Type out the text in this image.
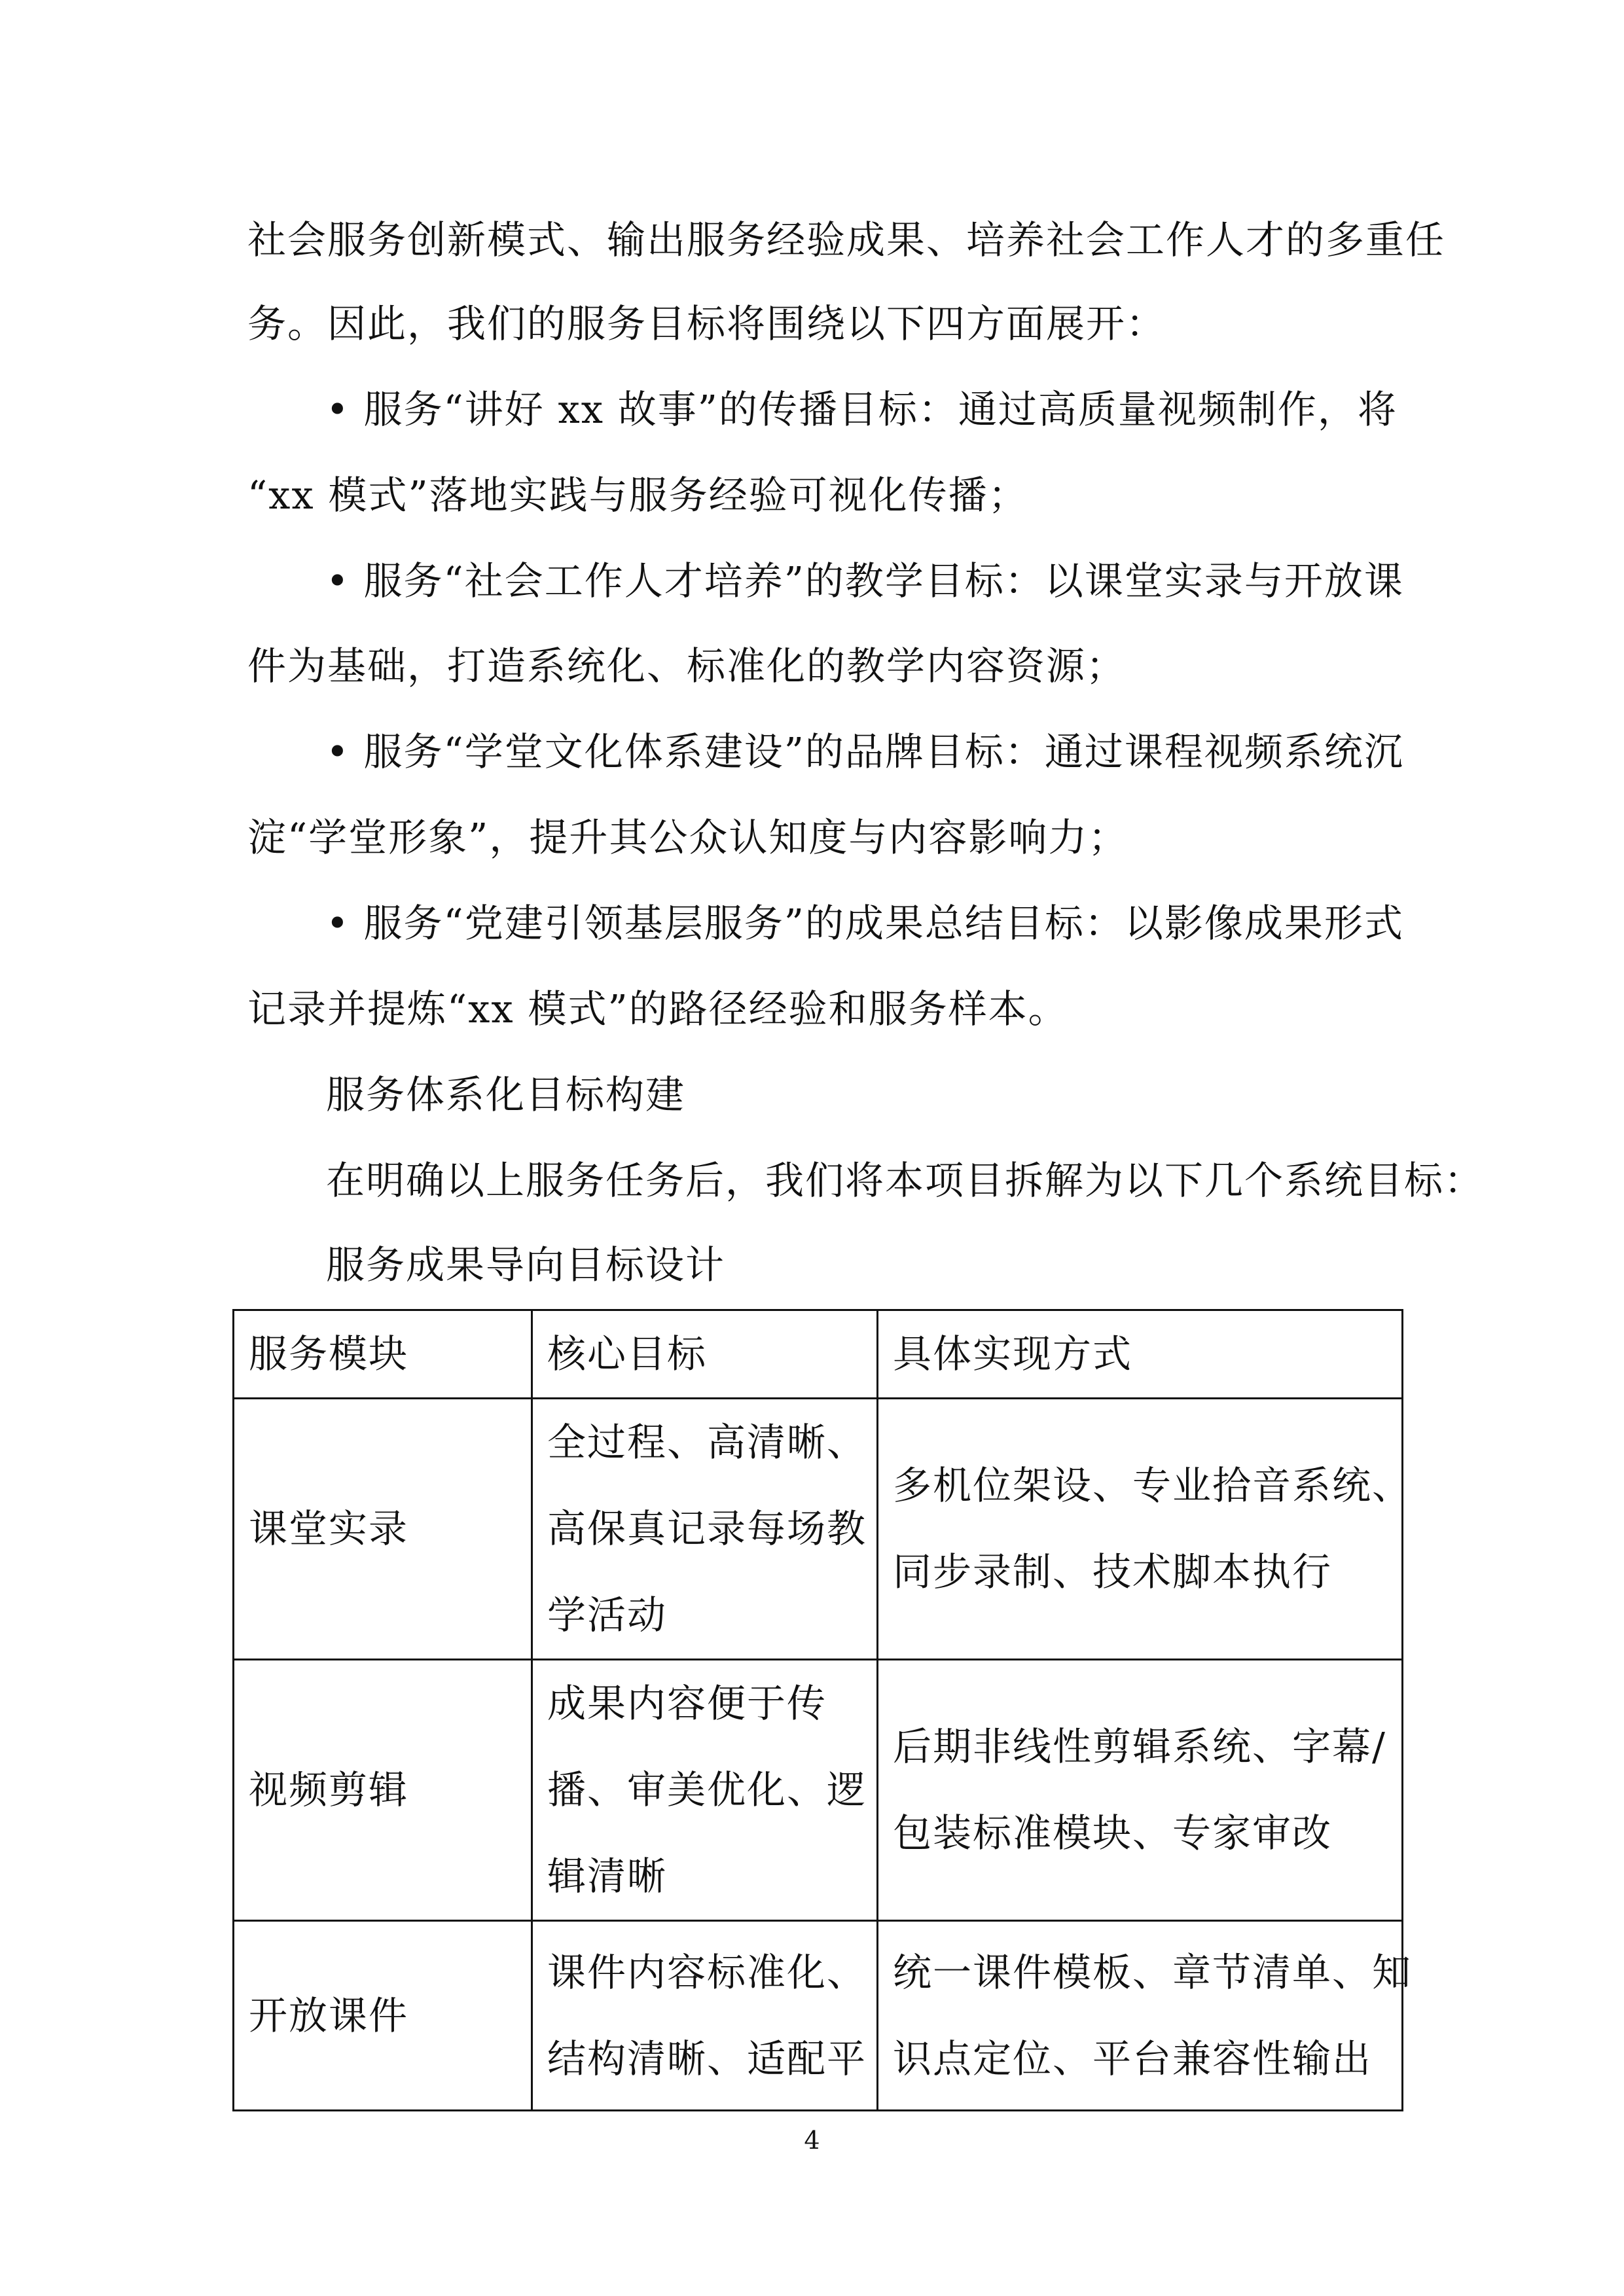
社会服务创新模式、输出服务经验成果、培养社会工作人才的多重任
务。因此，我们的服务目标将围绕以下四方面展开：
• 服务“讲好 xx 故事”的传播目标：通过高质量视频制作，将
“xx 模式”落地实践与服务经验可视化传播；
• 服务“社会工作人才培养”的教学目标：以课堂实录与开放课
件为基础，打造系统化、标准化的教学内容资源；
• 服务“学堂文化体系建设”的品牌目标：通过课程视频系统沉
淀“学堂形象”，提升其公众认知度与内容影响力；
• 服务“党建引领基层服务”的成果总结目标：以影像成果形式
记录并提炼“xx 模式”的路径经验和服务样本。
服务体系化目标构建
在明确以上服务任务后，我们将本项目拆解为以下几个系统目标：
服务成果导向目标设计
服务模块	核心目标	具体实现方式
课堂实录	全过程、高清晰、
高保真记录每场教
学活动	多机位架设、专业拾音系统、
同步录制、技术脚本执行

视频剪辑	成果内容便于传
播、审美优化、逻
辑清晰	后期非线性剪辑系统、字幕/
包装标准模块、专家审改

开放课件	课件内容标准化、
结构清晰、适配平	统一课件模板、章节清单、知
识点定位、平台兼容性输出
4
